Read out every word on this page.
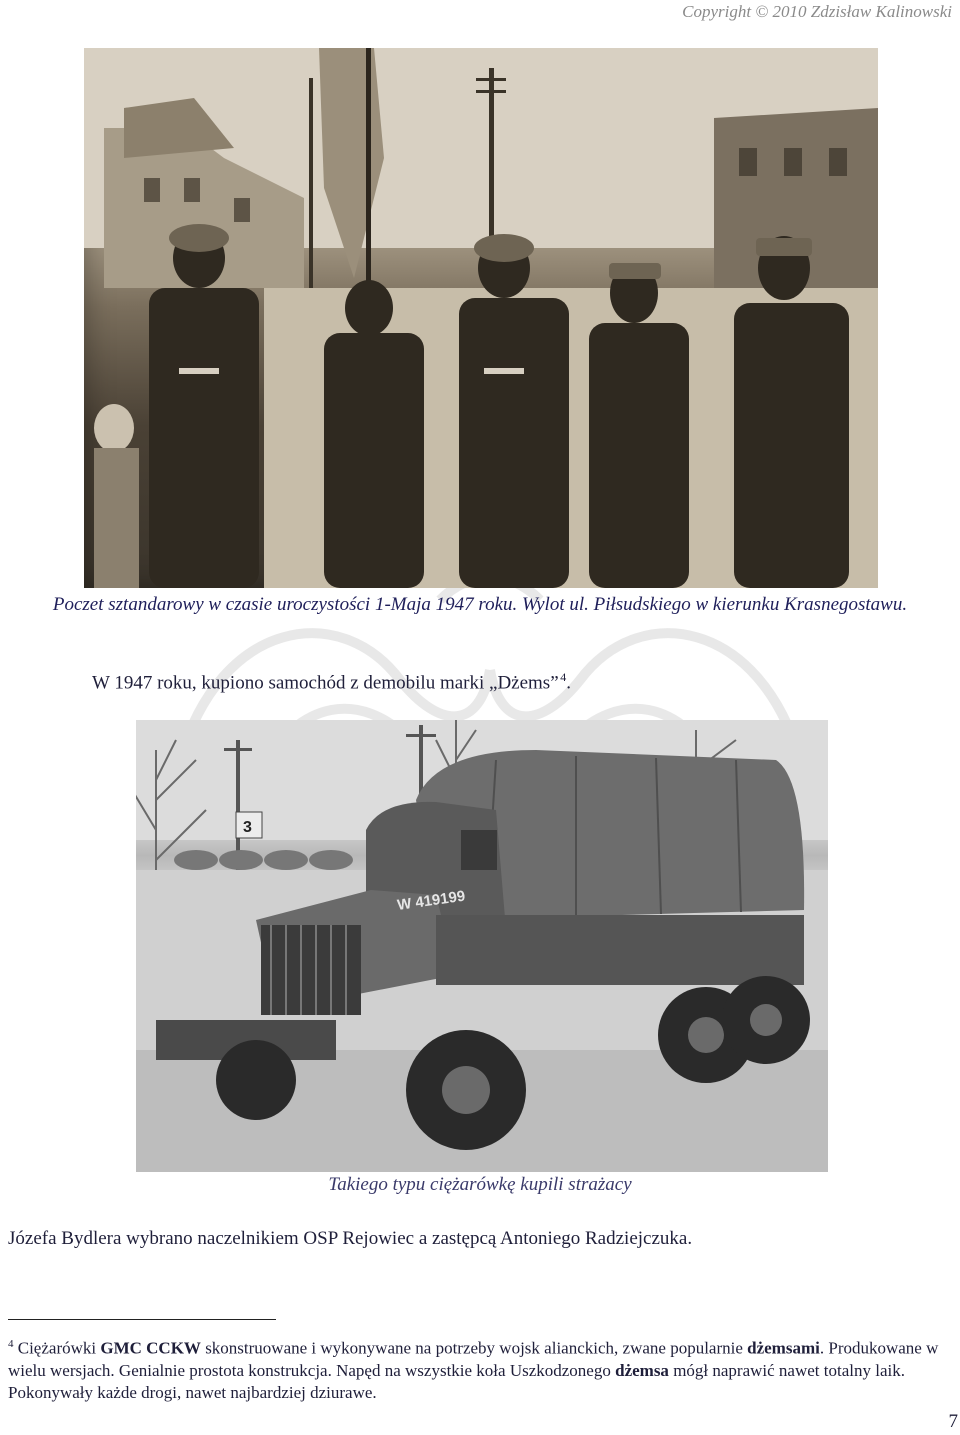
Copyright © 2010 Zdzisław Kalinowski
Poczet sztandarowy w czasie uroczystości 1-Maja 1947 roku. Wylot ul. Piłsudskiego w kierunku Krasnegostawu.
W 1947 roku, kupiono samochód z demobilu marki „Dżems”  $^4$.
3
W 419199
Takiego typu ciężarówkę kupili strażacy
Józefa Bydlera wybrano naczelnikiem OSP Rejowiec a zastępcą Antoniego Radziejczuka.
$^4$ Ciężarówki GMC CCKW skonstruowane i wykonywane na potrzeby wojsk alianckich, zwane popularnie dżemsami. Produkowane w wielu wersjach. Genialnie prostota konstrukcja. Napęd na wszystkie koła Uszkodzonego dżemsa mógł naprawić nawet totalny laik. Pokonywały każde drogi, nawet najbardziej dziurawe.
7
